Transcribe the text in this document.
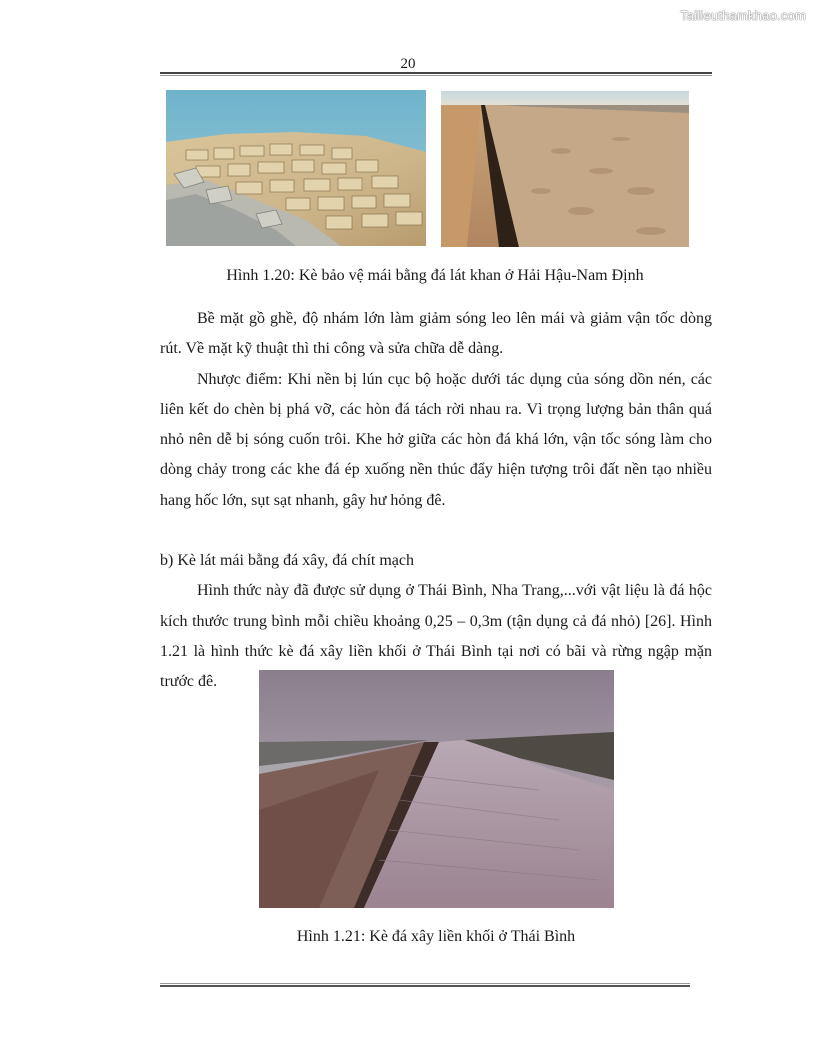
Tailieuthamkhao.com
20
Hình 1.20: Kè bảo vệ mái bằng đá lát khan ở Hải Hậu-Nam Định

Bề mặt gồ ghề, độ nhám lớn làm giảm sóng leo lên mái và giảm vận tốc dòng rút. Về mặt kỹ thuật thì thi công và sửa chữa dễ dàng.

Nhược điểm: Khi nền bị lún cục bộ hoặc dưới tác dụng của sóng dồn nén, các liên kết do chèn bị phá vỡ, các hòn đá tách rời nhau ra. Vì trọng lượng bản thân quá nhỏ nên dễ bị sóng cuốn trôi. Khe hở giữa các hòn đá khá lớn, vận tốc sóng làm cho dòng chảy trong các khe đá ép xuống nền thúc đẩy hiện tượng trôi đất nền tạo nhiều hang hốc lớn, sụt sạt nhanh, gây hư hỏng đê.

b) Kè lát mái bằng đá xây, đá chít mạch

Hình thức này đã được sử dụng ở Thái Bình, Nha Trang,...với vật liệu là đá hộc kích thước trung bình mỗi chiều khoảng 0,25 – 0,3m (tận dụng cả đá nhỏ) [26]. Hình 1.21 là hình thức kè đá xây liền khối ở Thái Bình tại nơi có bãi và rừng ngập mặn trước đê.

Hình 1.21: Kè đá xây liền khối ở Thái Bình
